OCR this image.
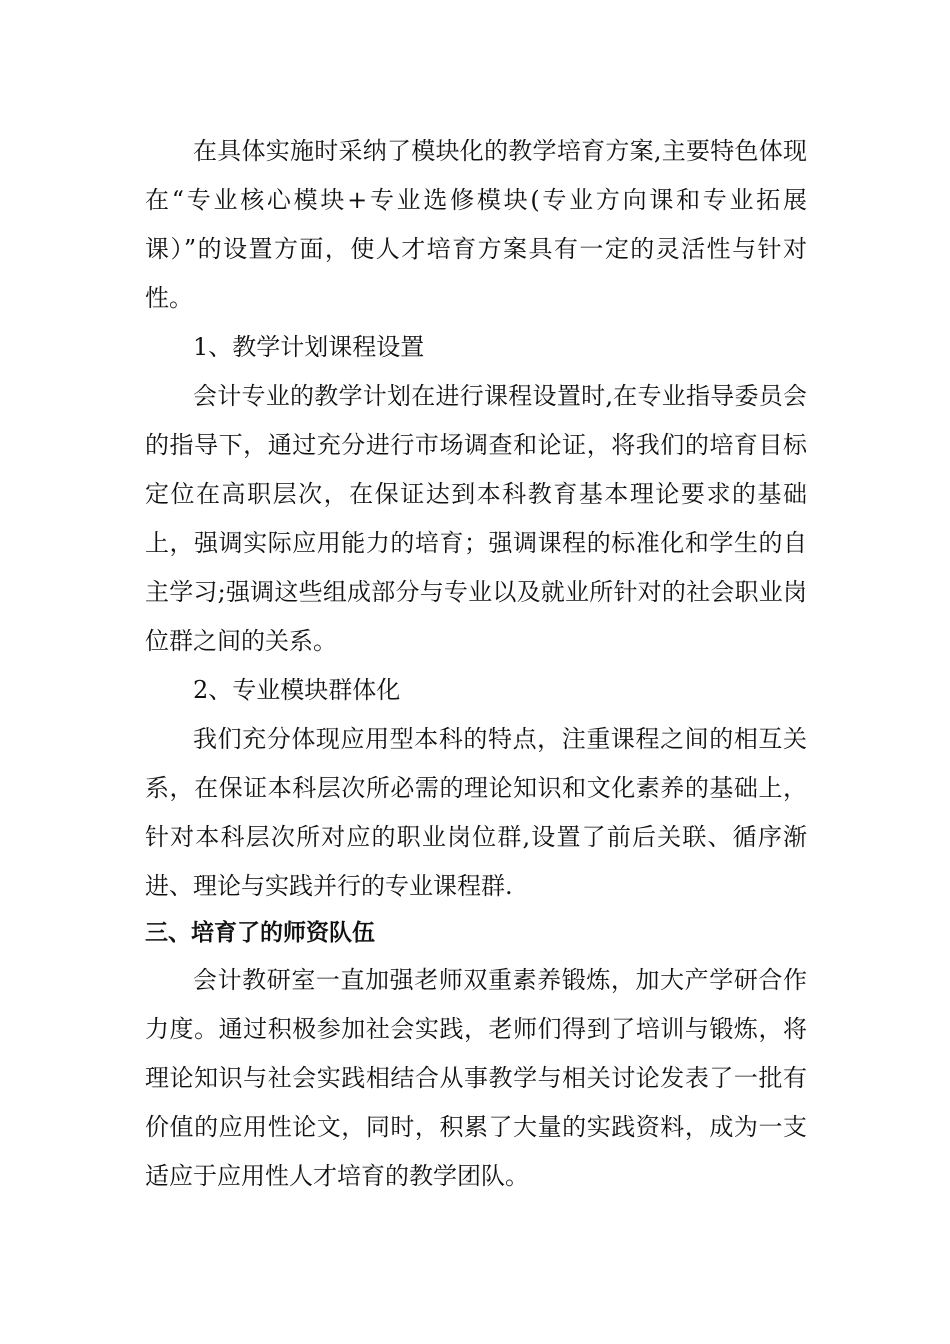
在具体实施时采纳了模块化的教学培育方案,主要特色体现在“专业核心模块+专业选修模块(专业方向课和专业拓展课）”的设置方面，使人才培育方案具有一定的灵活性与针对性。

1、教学计划课程设置

会计专业的教学计划在进行课程设置时,在专业指导委员会的指导下，通过充分进行市场调查和论证，将我们的培育目标定位在高职层次，在保证达到本科教育基本理论要求的基础上，强调实际应用能力的培育；强调课程的标准化和学生的自主学习;强调这些组成部分与专业以及就业所针对的社会职业岗位群之间的关系。

2、专业模块群体化

我们充分体现应用型本科的特点，注重课程之间的相互关系，在保证本科层次所必需的理论知识和文化素养的基础上，针对本科层次所对应的职业岗位群,设置了前后关联、循序渐进、理论与实践并行的专业课程群.

三、培育了的师资队伍

会计教研室一直加强老师双重素养锻炼，加大产学研合作力度。通过积极参加社会实践，老师们得到了培训与锻炼，将理论知识与社会实践相结合从事教学与相关讨论发表了一批有价值的应用性论文，同时，积累了大量的实践资料，成为一支适应于应用性人才培育的教学团队。
